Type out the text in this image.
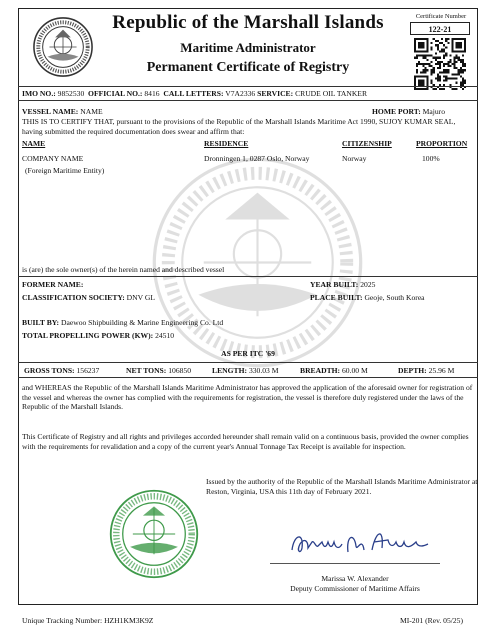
Republic of the Marshall Islands
Maritime Administrator
Permanent Certificate of Registry
Certificate Number
122-21
IMO NO.: 9852530 OFFICIAL NO.: 8416 CALL LETTERS: V7A2336 SERVICE: CRUDE OIL TANKER
VESSEL NAME: NAME	HOME PORT: Majuro
THIS IS TO CERTIFY THAT, pursuant to the provisions of the Republic of the Marshall Islands Maritime Act 1990, SUJOY KUMAR SEAL, having submitted the required documentation does swear and affirm that:
NAME	RESIDENCE	CITIZENSHIP	PROPORTION
COMPANY NAME	Dronningen 1, 0287 Oslo, Norway	Norway	100%
(Foreign Maritime Entity)
is (are) the sole owner(s) of the herein named and described vessel
FORMER NAME:	YEAR BUILT: 2025
CLASSIFICATION SOCIETY: DNV GL	PLACE BUILT: Geoje, South Korea
BUILT BY: Daewoo Shipbuilding & Marine Engineering Co. Ltd
TOTAL PROPELLING POWER (KW): 24510
AS PER ITC '69
GROSS TONS: 156237	NET TONS: 106850	LENGTH: 330.03 M	BREADTH: 60.00 M	DEPTH: 25.96 M
and WHEREAS the Republic of the Marshall Islands Maritime Administrator has approved the application of the aforesaid owner for registration of the vessel and whereas the owner has complied with the requirements for registration, the vessel is therefore duly registered under the laws of the Republic of the Marshall Islands.
This Certificate of Registry and all rights and privileges accorded hereunder shall remain valid on a continuous basis, provided the owner complies with the requirements for revalidation and a copy of the current year's Annual Tonnage Tax Receipt is available for inspection.
Issued by the authority of the Republic of the Marshall Islands Maritime Administrator at
Reston, Virginia, USA this 11th day of February 2021.
Marissa W. Alexander
Deputy Commissioner of Maritime Affairs
Unique Tracking Number: HZH1KM3K9Z	MI-201 (Rev. 05/25)
